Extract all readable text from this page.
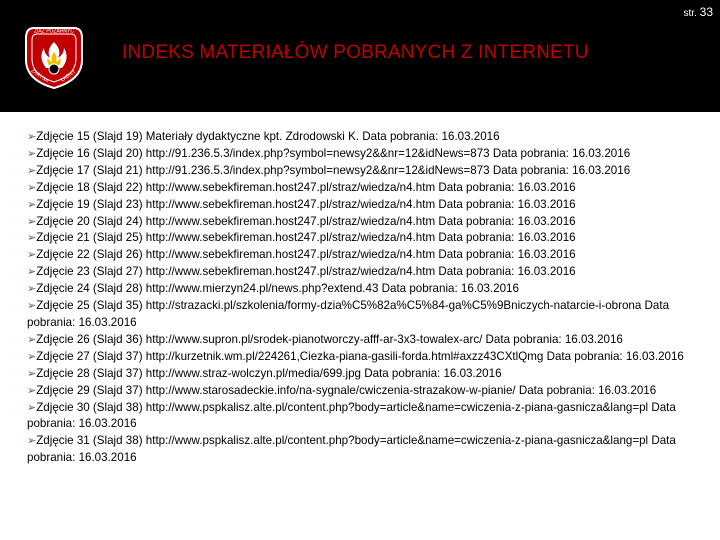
ZIĄZ POŻARNYC
ZARYSA ŁADNY
str. 33
INDEKS MATERIAŁÓW POBRANYCH Z INTERNETU
➢Zdjęcie 15 (Slajd 19) Materiały dydaktyczne kpt. Zdrodowski K. Data pobrania: 16.03.2016
➢Zdjęcie 16 (Slajd 20) http://91.236.5.3/index.php?symbol=newsy2&&nr=12&idNews=873 Data pobrania: 16.03.2016
➢Zdjęcie 17 (Slajd 21) http://91.236.5.3/index.php?symbol=newsy2&&nr=12&idNews=873 Data pobrania: 16.03.2016
➢Zdjęcie 18 (Slajd 22) http://www.sebekfireman.host247.pl/straz/wiedza/n4.htm Data pobrania: 16.03.2016
➢Zdjęcie 19 (Slajd 23) http://www.sebekfireman.host247.pl/straz/wiedza/n4.htm Data pobrania: 16.03.2016
➢Zdjęcie 20 (Slajd 24) http://www.sebekfireman.host247.pl/straz/wiedza/n4.htm Data pobrania: 16.03.2016
➢Zdjęcie 21 (Slajd 25) http://www.sebekfireman.host247.pl/straz/wiedza/n4.htm Data pobrania: 16.03.2016
➢Zdjęcie 22 (Slajd 26) http://www.sebekfireman.host247.pl/straz/wiedza/n4.htm Data pobrania: 16.03.2016
➢Zdjęcie 23 (Slajd 27) http://www.sebekfireman.host247.pl/straz/wiedza/n4.htm Data pobrania: 16.03.2016
➢Zdjęcie 24 (Slajd 28) http://www.mierzyn24.pl/news.php?extend.43 Data pobrania: 16.03.2016
➢Zdjęcie 25 (Slajd 35) http://strazacki.pl/szkolenia/formy-dzia%C5%82a%C5%84-ga%C5%9Bniczych-natarcie-i-obrona Data pobrania: 16.03.2016
➢Zdjęcie 26 (Slajd 36) http://www.supron.pl/srodek-pianotworczy-afff-ar-3x3-towalex-arc/ Data pobrania: 16.03.2016
➢Zdjęcie 27 (Slajd 37) http://kurzetnik.wm.pl/224261,Ciezka-piana-gasili-forda.html#axzz43CXtlQmg Data pobrania: 16.03.2016
➢Zdjęcie 28 (Slajd 37) http://www.straz-wolczyn.pl/media/699.jpg Data pobrania: 16.03.2016
➢Zdjęcie 29 (Slajd 37) http://www.starosadeckie.info/na-sygnale/cwiczenia-strazakow-w-pianie/ Data pobrania: 16.03.2016
➢Zdjęcie 30 (Slajd 38) http://www.pspkalisz.alte.pl/content.php?body=article&name=cwiczenia-z-piana-gasnicza&lang=pl Data pobrania: 16.03.2016
➢Zdjęcie 31 (Slajd 38) http://www.pspkalisz.alte.pl/content.php?body=article&name=cwiczenia-z-piana-gasnicza&lang=pl Data pobrania: 16.03.2016
